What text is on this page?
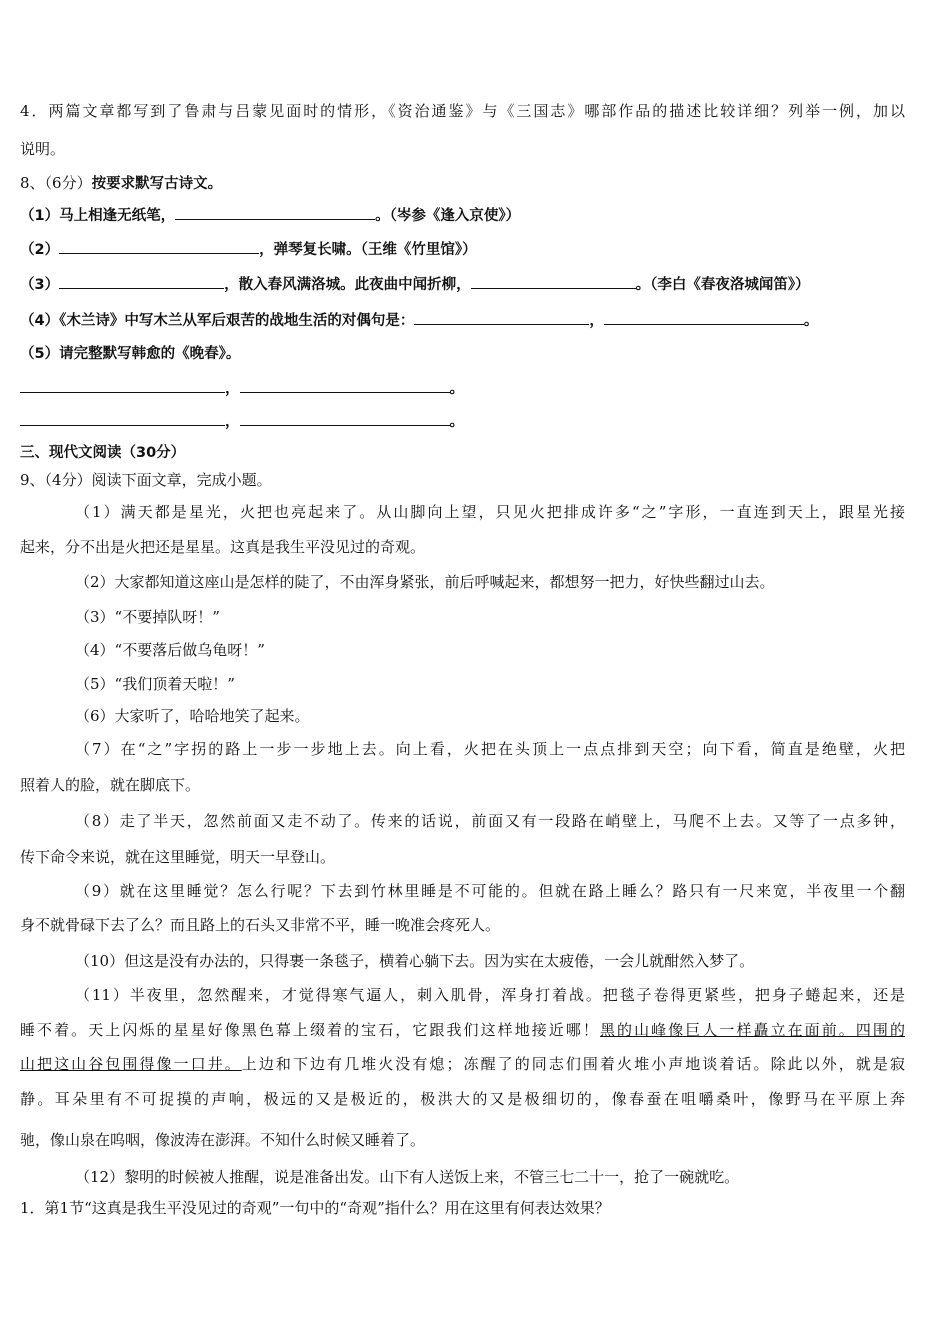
4．两篇文章都写到了鲁肃与吕蒙见面时的情形，《资治通鉴》与《三国志》哪部作品的描述比较详细？列举一例，加以
说明。
8、（6分）按要求默写古诗文。
（1）马上相逢无纸笔，	。（岑参《逢入京使》）
（2）	，弹琴复长啸。（王维《竹里馆》）
（3）	，散入春风满洛城。此夜曲中闻折柳，	。（李白《春夜洛城闻笛》）
（4）《木兰诗》中写木兰从军后艰苦的战地生活的对偶句是：	，	。
（5）请完整默写韩愈的《晚春》。
，	。
，	。
三、现代文阅读（30分）
9、（4分）阅读下面文章，完成小题。
（1）满天都是星光，火把也亮起来了。从山脚向上望，只见火把排成许多“之”字形，一直连到天上，跟星光接
起来，分不出是火把还是星星。这真是我生平没见过的奇观。
（2）大家都知道这座山是怎样的陡了，不由浑身紧张，前后呼喊起来，都想努一把力，好快些翻过山去。
（3）“不要掉队呀！”
（4）“不要落后做乌龟呀！”
（5）“我们顶着天啦！”
（6）大家听了，哈哈地笑了起来。
（7）在“之”字拐的路上一步一步地上去。向上看，火把在头顶上一点点排到天空；向下看，简直是绝壁，火把
照着人的脸，就在脚底下。
（8）走了半天，忽然前面又走不动了。传来的话说，前面又有一段路在峭壁上，马爬不上去。又等了一点多钟，
传下命令来说，就在这里睡觉，明天一早登山。
（9）就在这里睡觉？怎么行呢？下去到竹林里睡是不可能的。但就在路上睡么？路只有一尺来宽，半夜里一个翻
身不就骨碌下去了么？而且路上的石头又非常不平，睡一晚准会疼死人。
（10）但这是没有办法的，只得裹一条毯子，横着心躺下去。因为实在太疲倦，一会儿就酣然入梦了。
（11）半夜里，忽然醒来，才觉得寒气逼人，刺入肌骨，浑身打着战。把毯子卷得更紧些，把身子蜷起来，还是
睡不着。天上闪烁的星星好像黑色幕上缀着的宝石，它跟我们这样地接近哪！黑的山峰像巨人一样矗立在面前。四围的
山把这山谷包围得像一口井。上边和下边有几堆火没有熄；冻醒了的同志们围着火堆小声地谈着话。除此以外，就是寂
静。耳朵里有不可捉摸的声响，极远的又是极近的，极洪大的又是极细切的，像春蚕在咀嚼桑叶，像野马在平原上奔
驰，像山泉在呜咽，像波涛在澎湃。不知什么时候又睡着了。
（12）黎明的时候被人推醒，说是准备出发。山下有人送饭上来，不管三七二十一，抢了一碗就吃。
1．第1节“这真是我生平没见过的奇观”一句中的“奇观”指什么？用在这里有何表达效果？
